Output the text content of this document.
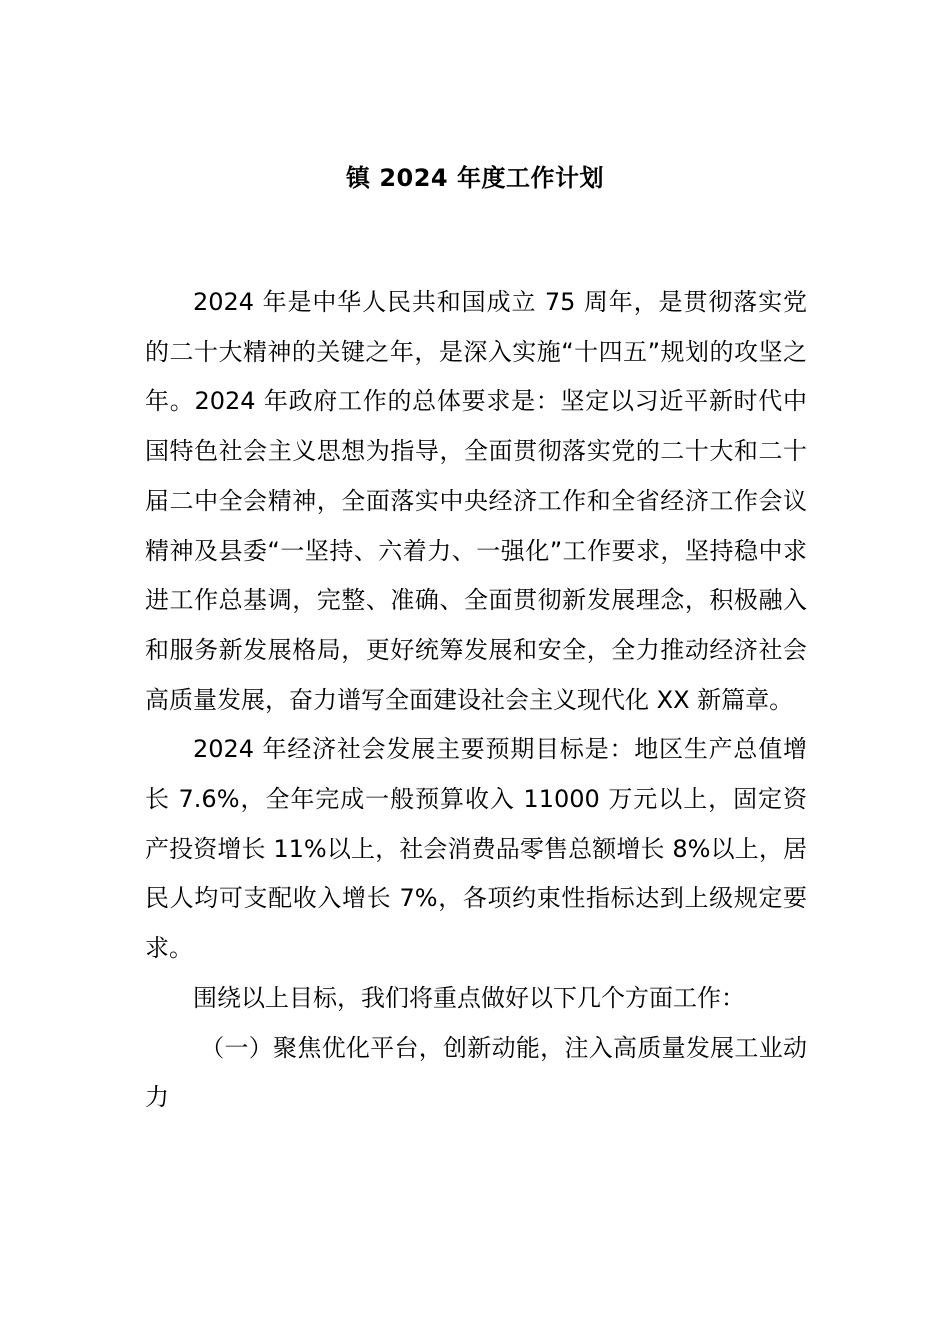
镇 2024 年度工作计划

2024 年是中华人民共和国成立 75 周年，是贯彻落实党的二十大精神的关键之年，是深入实施“十四五”规划的攻坚之年。2024 年政府工作的总体要求是：坚定以习近平新时代中国特色社会主义思想为指导，全面贯彻落实党的二十大和二十届二中全会精神，全面落实中央经济工作和全省经济工作会议精神及县委“一坚持、六着力、一强化”工作要求，坚持稳中求进工作总基调，完整、准确、全面贯彻新发展理念，积极融入和服务新发展格局，更好统筹发展和安全，全力推动经济社会高质量发展，奋力谱写全面建设社会主义现代化 XX 新篇章。

2024 年经济社会发展主要预期目标是：地区生产总值增长 7.6%，全年完成一般预算收入 11000 万元以上，固定资产投资增长 11%以上，社会消费品零售总额增长 8%以上，居民人均可支配收入增长 7%，各项约束性指标达到上级规定要求。

围绕以上目标，我们将重点做好以下几个方面工作：

（一）聚焦优化平台，创新动能，注入高质量发展工业动力
